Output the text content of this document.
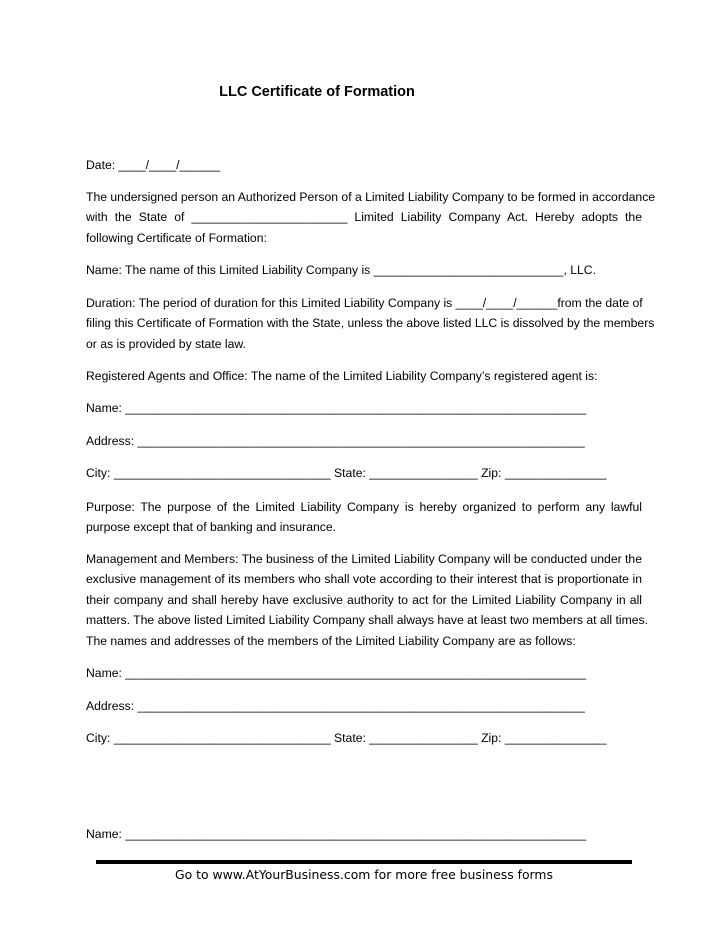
LLC Certificate of Formation
Date: ____/____/______
The undersigned person an Authorized Person of a Limited Liability Company to be formed in accordance
with the State of _______________________ Limited Liability Company Act. Hereby adopts the
following Certificate of Formation:
Name: The name of this Limited Liability Company is ____________________________, LLC.
Duration: The period of duration for this Limited Liability Company is ____/____/______from the date of
filing this Certificate of Formation with the State, unless the above listed LLC is dissolved by the members
or as is provided by state law.
Registered Agents and Office: The name of the Limited Liability Company’s registered agent is:
Name: ____________________________________________________________________
Address: __________________________________________________________________
City: ________________________________ State: ________________ Zip: _______________
Purpose: The purpose of the Limited Liability Company is hereby organized to perform any lawful
purpose except that of banking and insurance.
Management and Members: The business of the Limited Liability Company will be conducted under the
exclusive management of its members who shall vote according to their interest that is proportionate in
their company and shall hereby have exclusive authority to act for the Limited Liability Company in all
matters. The above listed Limited Liability Company shall always have at least two members at all times.
The names and addresses of the members of the Limited Liability Company are as follows:
Name: ____________________________________________________________________
Address: __________________________________________________________________
City: ________________________________ State: ________________ Zip: _______________
Name: ____________________________________________________________________
Go to www.AtYourBusiness.com for more free business forms
